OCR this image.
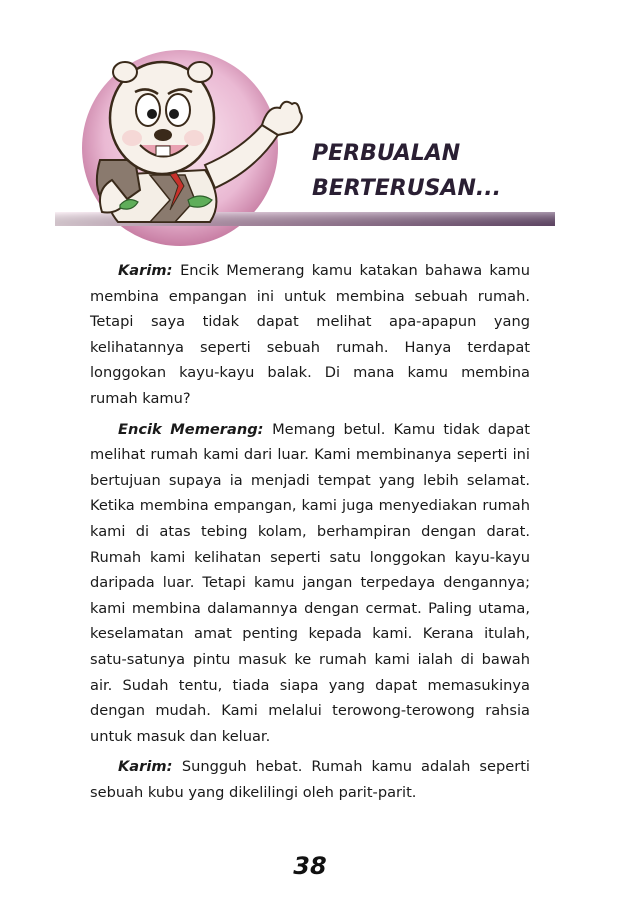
PERBUALAN
BERTERUSAN...

Karim: Encik Memerang kamu katakan bahawa kamu membina empangan ini untuk membina sebuah rumah. Tetapi saya tidak dapat melihat apa-apapun yang kelihatannya seperti sebuah rumah. Hanya terdapat longgokan kayu-kayu balak. Di mana kamu membina rumah kamu?

Encik Memerang: Memang betul. Kamu tidak dapat melihat rumah kami dari luar. Kami membinanya seperti ini bertujuan supaya ia menjadi tempat yang lebih selamat. Ketika membina empangan, kami juga menyediakan rumah kami di atas tebing kolam, berhampiran dengan darat. Rumah kami kelihatan seperti satu longgokan kayu-kayu daripada luar. Tetapi kamu jangan terpedaya dengannya; kami membina dalamannya dengan cermat. Paling utama, keselamatan amat penting kepada kami. Kerana itulah, satu-satunya pintu masuk ke rumah kami ialah di bawah air. Sudah tentu, tiada siapa yang dapat memasukinya dengan mudah. Kami melalui terowong-terowong rahsia untuk masuk dan keluar.

Karim: Sungguh hebat. Rumah kamu adalah seperti sebuah kubu yang dikelilingi oleh parit-parit.

38
